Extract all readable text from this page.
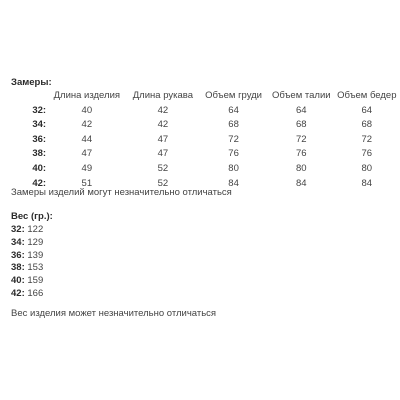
Замеры:
	Длина изделия	Длина рукава	Объем груди	Объем талии	Объем бедер
32:	40	42	64	64	64
34:	42	42	68	68	68
36:	44	47	72	72	72
38:	47	47	76	76	76
40:	49	52	80	80	80
42:	51	52	84	84	84
Замеры изделий могут незначительно отличаться
Вес (гр.):
32: 122
34: 129
36: 139
38: 153
40: 159
42: 166
Вес изделия может незначительно отличаться
